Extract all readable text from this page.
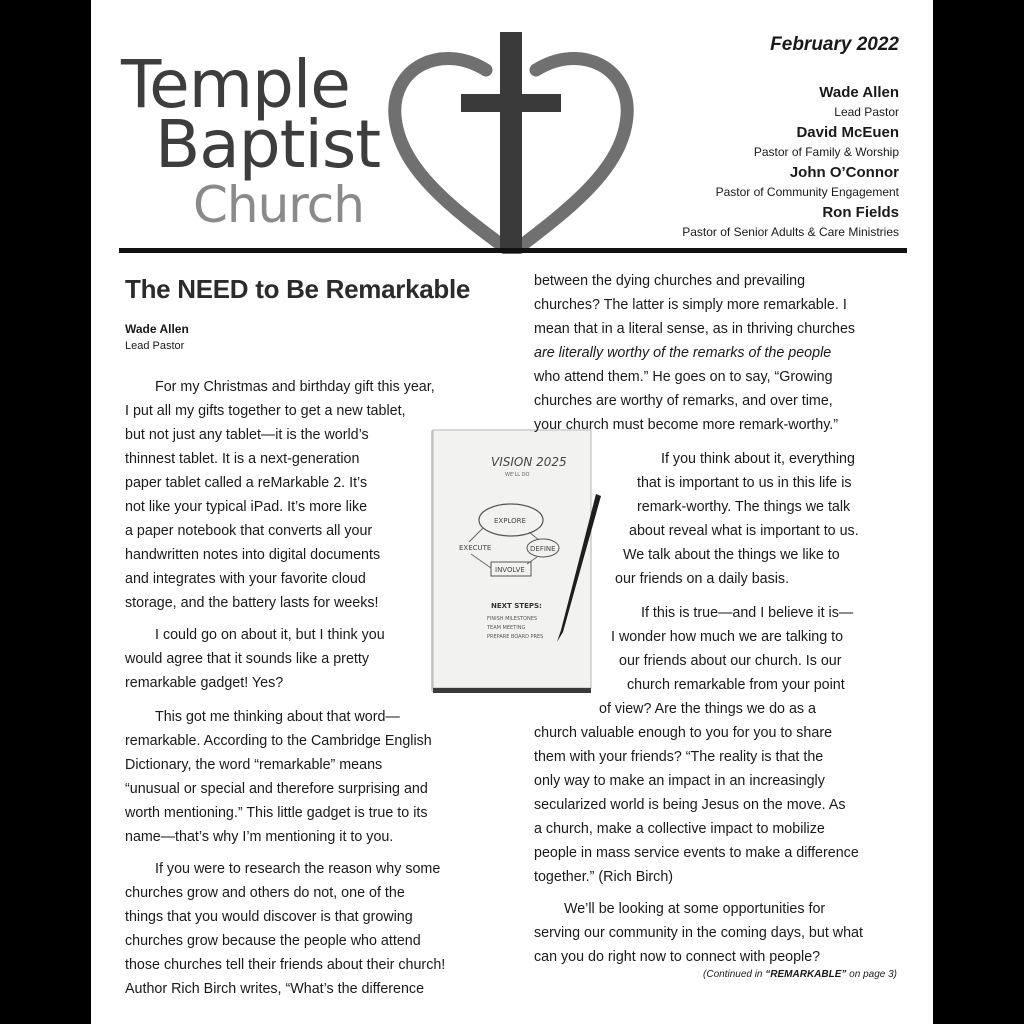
Temple
Baptist
Church
February 2022
Wade Allen
Lead Pastor
David McEuen
Pastor of Family & Worship
John O’Connor
Pastor of Community Engagement
Ron Fields
Pastor of Senior Adults & Care Ministries
The NEED to Be Remarkable
Wade Allen
Lead Pastor
For my Christmas and birthday gift this year,
I put all my gifts together to get a new tablet,
but not just any tablet—it is the world’s
thinnest tablet. It is a next-generation
paper tablet called a reMarkable 2. It’s
not like your typical iPad. It’s more like
a paper notebook that converts all your
handwritten notes into digital documents
and integrates with your favorite cloud
storage, and the battery lasts for weeks!
I could go on about it, but I think you
would agree that it sounds like a pretty
remarkable gadget! Yes?
This got me thinking about that word—
remarkable. According to the Cambridge English
Dictionary, the word “remarkable” means
“unusual or special and therefore surprising and
worth mentioning.” This little gadget is true to its
name—that’s why I’m mentioning it to you.
If you were to research the reason why some
churches grow and others do not, one of the
things that you would discover is that growing
churches grow because the people who attend
those churches tell their friends about their church!
Author Rich Birch writes, “What’s the difference
VISION 2025
WE'LL DO
EXPLORE
EXECUTE	DEFINE
INVOLVE
NEXT STEPS:
FINISH MILESTONES
TEAM MEETING
PREPARE BOARD PRES
between the dying churches and prevailing
churches? The latter is simply more remarkable. I
mean that in a literal sense, as in thriving churches
are literally worthy of the remarks of the people
who attend them.” He goes on to say, “Growing
churches are worthy of remarks, and over time,
your church must become more remark-worthy.”
If you think about it, everything
that is important to us in this life is
remark-worthy. The things we talk
about reveal what is important to us.
We talk about the things we like to
our friends on a daily basis.
If this is true—and I believe it is—
I wonder how much we are talking to
our friends about our church. Is our
church remarkable from your point
of view? Are the things we do as a
church valuable enough to you for you to share
them with your friends? “The reality is that the
only way to make an impact in an increasingly
secularized world is being Jesus on the move. As
a church, make a collective impact to mobilize
people in mass service events to make a difference
together.” (Rich Birch)
We’ll be looking at some opportunities for
serving our community in the coming days, but what
can you do right now to connect with people?
(Continued in “REMARKABLE” on page 3)
